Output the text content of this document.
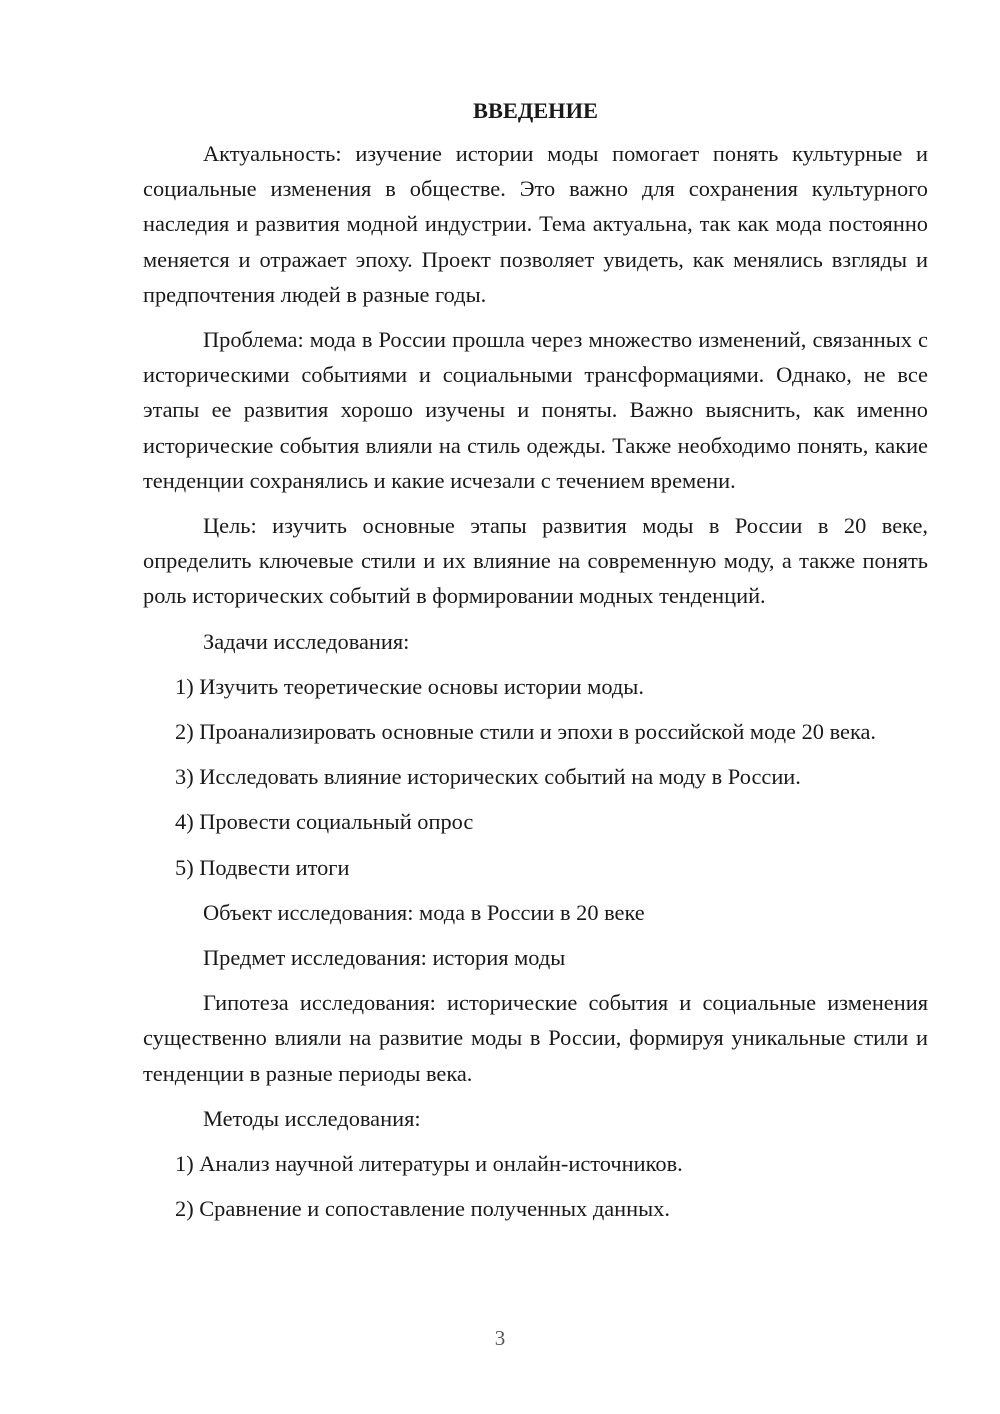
ВВЕДЕНИЕ

Актуальность: изучение истории моды помогает понять культурные и социальные изменения в обществе. Это важно для сохранения культурного наследия и развития модной индустрии. Тема актуальна, так как мода постоянно меняется и отражает эпоху. Проект позволяет увидеть, как менялись взгляды и предпочтения людей в разные годы.

Проблема: мода в России прошла через множество изменений, связанных с историческими событиями и социальными трансформациями. Однако, не все этапы ее развития хорошо изучены и поняты. Важно выяснить, как именно исторические события влияли на стиль одежды. Также необходимо понять, какие тенденции сохранялись и какие исчезали с течением времени.

Цель: изучить основные этапы развития моды в России в 20 веке, определить ключевые стили и их влияние на современную моду, а также понять роль исторических событий в формировании модных тенденций.

Задачи исследования:

1) Изучить теоретические основы истории моды.

2) Проанализировать основные стили и эпохи в российской моде 20 века.

3) Исследовать влияние исторических событий на моду в России.

4) Провести социальный опрос

5) Подвести итоги

Объект исследования: мода в России в 20 веке

Предмет исследования: история моды

Гипотеза исследования: исторические события и социальные изменения существенно влияли на развитие моды в России, формируя уникальные стили и тенденции в разные периоды века.

Методы исследования:

1) Анализ научной литературы и онлайн-источников.

2) Сравнение и сопоставление полученных данных.

3
